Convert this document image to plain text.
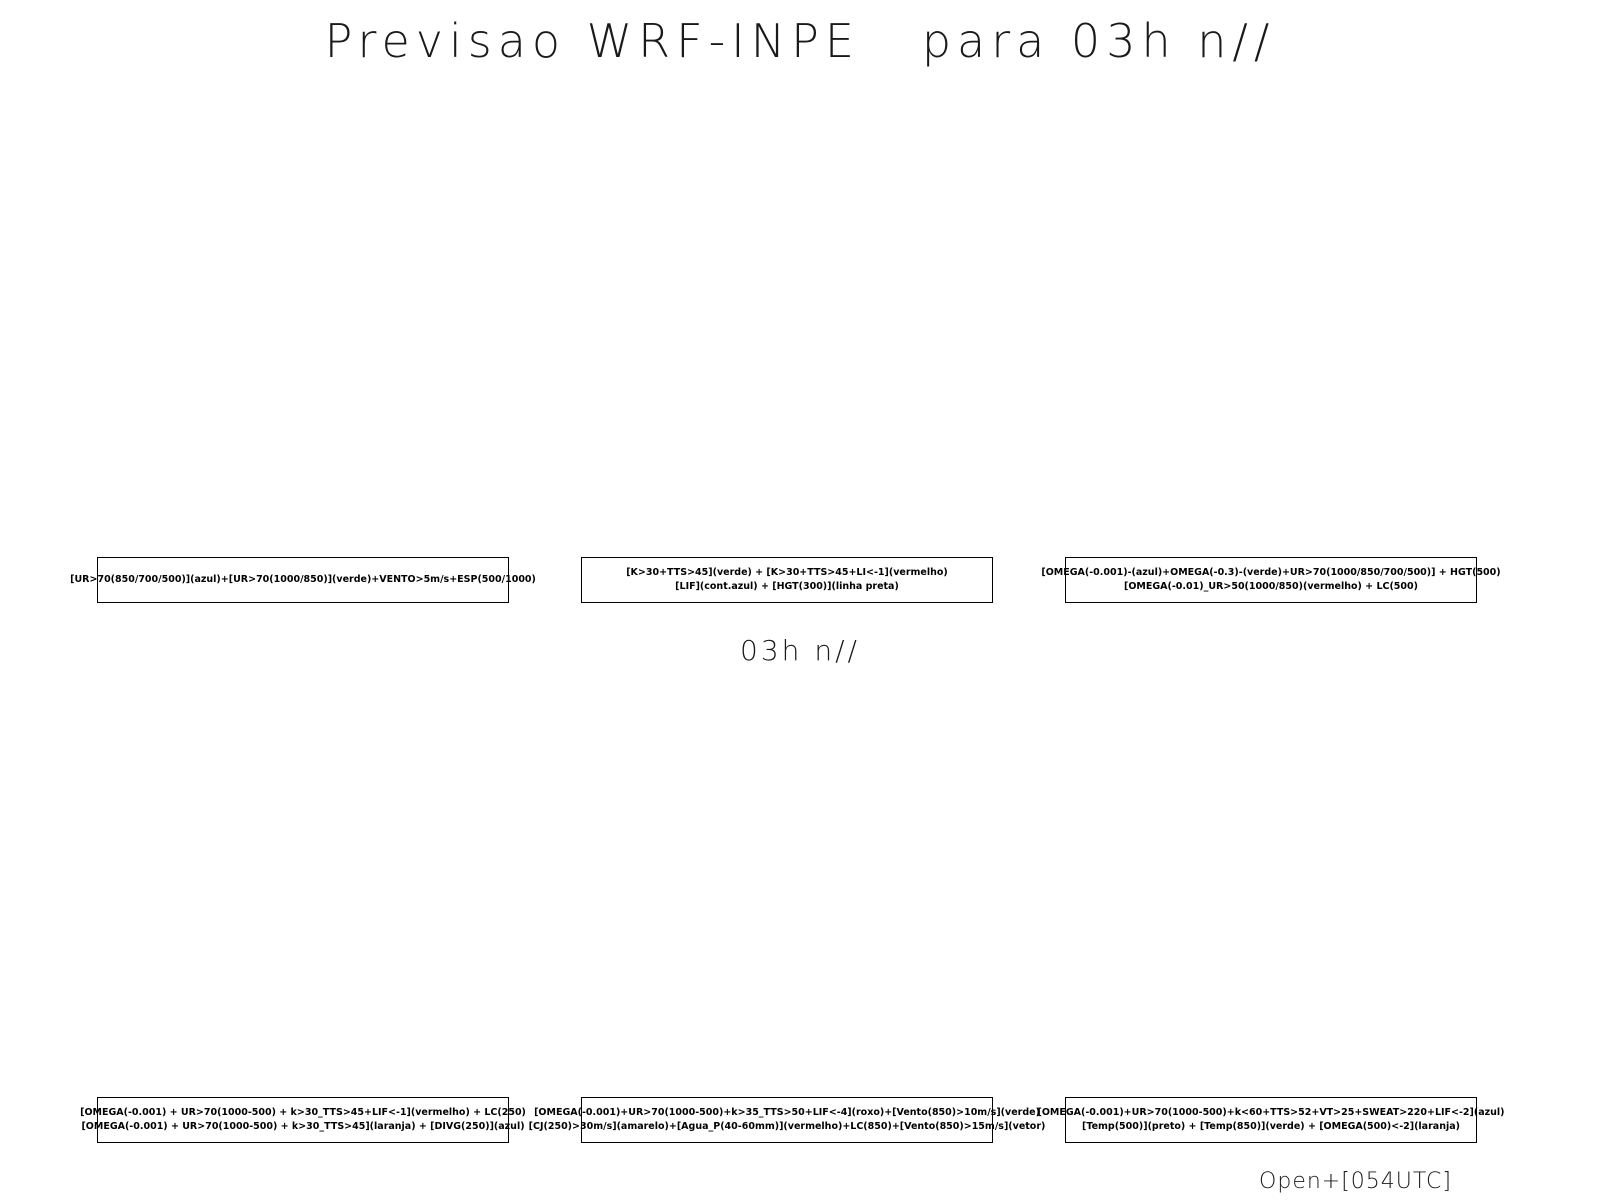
Previsao WRF-INPE   para 03h n//
03h n//
[UR>70(850/700/500)](azul)+[UR>70(1000/850)](verde)+VENTO>5m/s+ESP(500/1000)
[K>30+TTS>45](verde) + [K>30+TTS>45+LI<-1](vermelho)
[LIF](cont.azul) + [HGT(300)](linha preta)
[OMEGA(-0.001)-(azul)+OMEGA(-0.3)-(verde)+UR>70(1000/850/700/500)] + HGT(500)
[OMEGA(-0.01)_UR>50(1000/850)(vermelho) + LC(500)
[OMEGA(-0.001) + UR>70(1000-500) + k>30_TTS>45+LIF<-1](vermelho) + LC(250)
[OMEGA(-0.001) + UR>70(1000-500) + k>30_TTS>45](laranja) + [DIVG(250)](azul)
[OMEGA(-0.001)+UR>70(1000-500)+k>35_TTS>50+LIF<-4](roxo)+[Vento(850)>10m/s](verde)
[CJ(250)>30m/s](amarelo)+[Agua_P(40-60mm)](vermelho)+LC(850)+[Vento(850)>15m/s](vetor)
[OMEGA(-0.001)+UR>70(1000-500)+k<60+TTS>52+VT>25+SWEAT>220+LIF<-2](azul)
[Temp(500)](preto) + [Temp(850)](verde) + [OMEGA(500)<-2](laranja)
Open+[054UTC]
